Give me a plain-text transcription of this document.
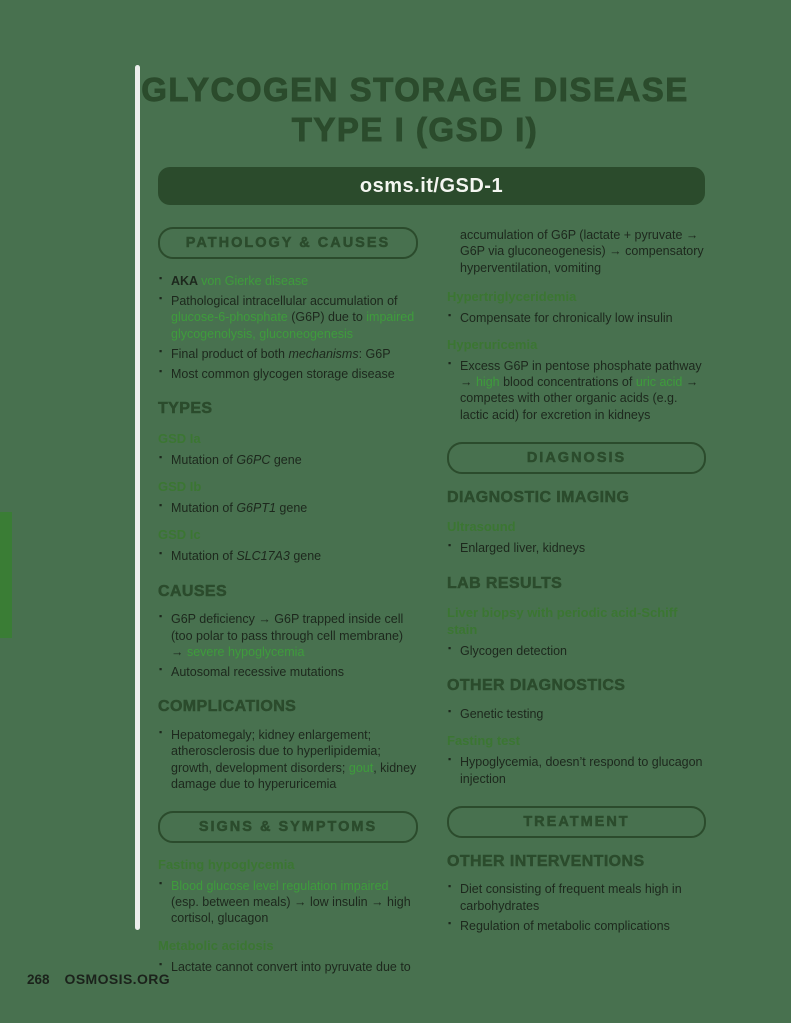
GLYCOGEN STORAGE DISEASE
TYPE I (GSD I)
osms.it/GSD-1
PATHOLOGY & CAUSES
▪ AKA von Gierke disease
▪ Pathological intracellular accumulation of glucose-6-phosphate (G6P) due to impaired glycogenolysis, gluconeogenesis
▪ Final product of both mechanisms: G6P
▪ Most common glycogen storage disease
TYPES
GSD Ia
▪ Mutation of G6PC gene
GSD Ib
▪ Mutation of G6PT1 gene
GSD Ic
▪ Mutation of SLC17A3 gene
CAUSES
▪ G6P deficiency → G6P trapped inside cell (too polar to pass through cell membrane) → severe hypoglycemia
▪ Autosomal recessive mutations
COMPLICATIONS
▪ Hepatomegaly; kidney enlargement; atherosclerosis due to hyperlipidemia; growth, development disorders; gout, kidney damage due to hyperuricemia
SIGNS & SYMPTOMS
Fasting hypoglycemia
▪ Blood glucose level regulation impaired (esp. between meals) → low insulin → high cortisol, glucagon
Metabolic acidosis
▪ Lactate cannot convert into pyruvate due to

accumulation of G6P (lactate + pyruvate → G6P via gluconeogenesis) → compensatory hyperventilation, vomiting

Hypertriglyceridemia
▪ Compensate for chronically low insulin
Hyperuricemia
▪ Excess G6P in pentose phosphate pathway → high blood concentrations of uric acid → competes with other organic acids (e.g. lactic acid) for excretion in kidneys
DIAGNOSIS
DIAGNOSTIC IMAGING
Ultrasound
▪ Enlarged liver, kidneys
LAB RESULTS
Liver biopsy with periodic acid-Schiff stain
▪ Glycogen detection
OTHER DIAGNOSTICS
▪ Genetic testing
Fasting test
▪ Hypoglycemia, doesn’t respond to glucagon injection
TREATMENT
OTHER INTERVENTIONS
▪ Diet consisting of frequent meals high in carbohydrates
▪ Regulation of metabolic complications
268 OSMOSIS.ORG
